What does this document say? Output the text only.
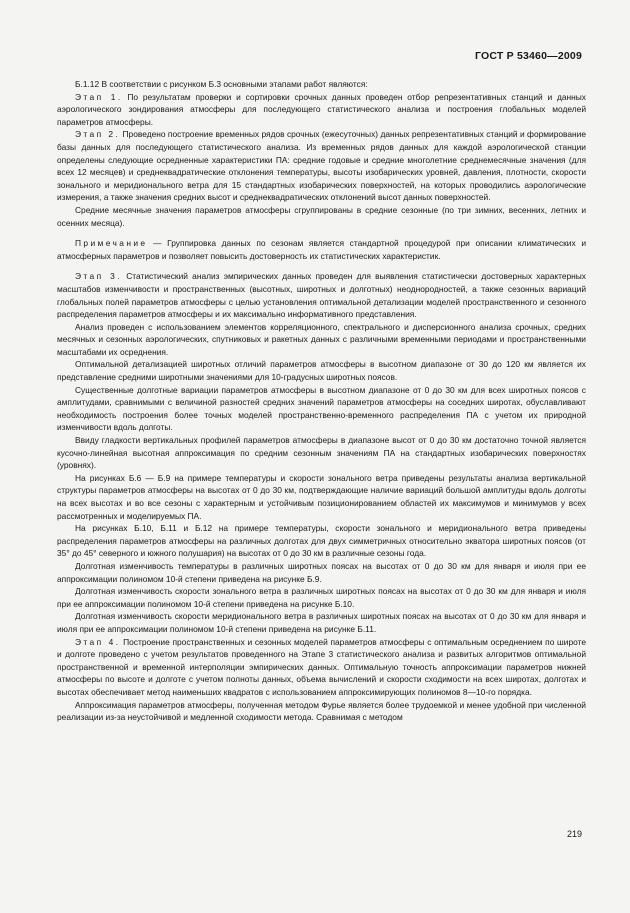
ГОСТ Р 53460—2009

Б.1.12 В соответствии с рисунком Б.3 основными этапами работ являются:

Этап 1. По результатам проверки и сортировки срочных данных проведен отбор репрезентативных станций и данных аэрологического зондирования атмосферы для последующего статистического анализа и построения глобальных моделей параметров атмосферы.

Этап 2. Проведено построение временных рядов срочных (ежесуточных) данных репрезентативных станций и формирование базы данных для последующего статистического анализа. Из временных рядов данных для каждой аэрологической станции определены следующие осредненные характеристики ПА: средние годовые и средние многолетние среднемесячные значения (для всех 12 месяцев) и среднеквадратические отклонения температуры, высоты изобарических уровней, давления, плотности, скорости зонального и меридионального ветра для 15 стандартных изобарических поверхностей, на которых проводились аэрологические измерения, а также значения средних высот и среднеквадратических отклонений высот данных поверхностей.

Средние месячные значения параметров атмосферы сгруппированы в средние сезонные (по три зимних, весенних, летних и осенних месяца).

Примечание — Группировка данных по сезонам является стандартной процедурой при описании климатических и атмосферных параметров и позволяет повысить достоверность их статистических характеристик.

Этап 3. Статистический анализ эмпирических данных проведен для выявления статистически достоверных характерных масштабов изменчивости и пространственных (высотных, широтных и долготных) неоднородностей, а также сезонных вариаций глобальных полей параметров атмосферы с целью установления оптимальной детализации моделей пространственного и сезонного распределения параметров атмосферы и их максимально информативного представления.

Анализ проведен с использованием элементов корреляционного, спектрального и дисперсионного анализа срочных, средних месячных и сезонных аэрологических, спутниковых и ракетных данных с различными временными периодами и пространственными масштабами их осреднения.

Оптимальной детализацией широтных отличий параметров атмосферы в высотном диапазоне от 30 до 120 км является их представление средними широтными значениями для 10-градусных широтных поясов.

Существенные долготные вариации параметров атмосферы в высотном диапазоне от 0 до 30 км для всех широтных поясов с амплитудами, сравнимыми с величиной разностей средних значений параметров атмосферы на соседних широтах, обуславливают необходимость построения более точных моделей пространственно-временного распределения ПА с учетом их природной изменчивости вдоль долготы.

Ввиду гладкости вертикальных профилей параметров атмосферы в диапазоне высот от 0 до 30 км достаточно точной является кусочно-линейная высотная аппроксимация по средним сезонным значениям ПА на стандартных изобарических поверхностях (уровнях).

На рисунках Б.6 — Б.9 на примере температуры и скорости зонального ветра приведены результаты анализа вертикальной структуры параметров атмосферы на высотах от 0 до 30 км, подтверждающие наличие вариаций большой амплитуды вдоль долготы на всех высотах и во все сезоны с характерным и устойчивым позиционированием областей их максимумов и минимумов у всех рассмотренных и моделируемых ПА.

На рисунках Б.10, Б.11 и Б.12 на примере температуры, скорости зонального и меридионального ветра приведены распределения параметров атмосферы на различных долготах для двух симметричных относительно экватора широтных поясов (от 35° до 45° северного и южного полушария) на высотах от 0 до 30 км в различные сезоны года.

Долготная изменчивость температуры в различных широтных поясах на высотах от 0 до 30 км для января и июля при ее аппроксимации полиномом 10-й степени приведена на рисунке Б.9.

Долготная изменчивость скорости зонального ветра в различных широтных поясах на высотах от 0 до 30 км для января и июля при ее аппроксимации полиномом 10-й степени приведена на рисунке Б.10.

Долготная изменчивость скорости меридионального ветра в различных широтных поясах на высотах от 0 до 30 км для января и июля при ее аппроксимации полиномом 10-й степени приведена на рисунке Б.11.

Этап 4. Построение пространственных и сезонных моделей параметров атмосферы с оптимальным осреднением по широте и долготе проведено с учетом результатов проведенного на Этапе 3 статистического анализа и развитых алгоритмов оптимальной пространственной и временной интерполяции эмпирических данных. Оптимальную точность аппроксимации параметров нижней атмосферы по высоте и долготе с учетом полноты данных, объема вычислений и скорости сходимости на всех широтах, долготах и высотах обеспечивает метод наименьших квадратов с использованием аппроксимирующих полиномов 8—10-го порядка.

Аппроксимация параметров атмосферы, полученная методом Фурье является более трудоемкой и менее удобной при численной реализации из-за неустойчивой и медленной сходимости метода. Сравнимая с методом

219
